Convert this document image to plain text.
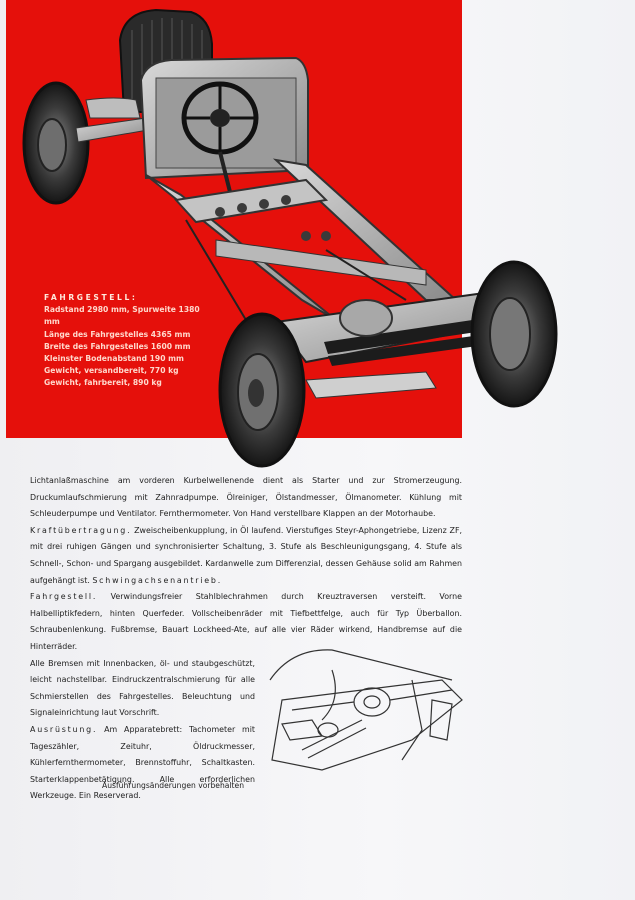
FAHRGESTELL:
Radstand 2980 mm, Spurweite 1380 mm
Länge des Fahrgestelles 4365 mm
Breite des Fahrgestelles 1600 mm
Kleinster Bodenabstand 190 mm
Gewicht, versandbereit, 770 kg
Gewicht, fahrbereit, 890 kg

Lichtanlaßmaschine am vorderen Kurbelwellenende dient als Starter und zur Stromerzeugung. Druckumlaufschmierung mit Zahnradpumpe. Ölreiniger, Ölstandmesser, Ölmanometer. Kühlung mit Schleuderpumpe und Ventilator. Fernthermometer. Von Hand verstellbare Klappen an der Motorhaube.

Kraftübertragung. Zweischeibenkupplung, in Öl laufend. Vierstufiges Steyr-Aphongetriebe, Lizenz ZF, mit drei ruhigen Gängen und synchronisierter Schaltung, 3. Stufe als Beschleunigungsgang, 4. Stufe als Schnell-, Schon- und Spargang ausgebildet. Kardanwelle zum Differenzial, dessen Gehäuse solid am Rahmen aufgehängt ist. Schwingachsenantrieb.

Fahrgestell. Verwindungsfreier Stahlblechrahmen durch Kreuztraversen versteift. Vorne Halbelliptikfedern, hinten Querfeder. Vollscheibenräder mit Tiefbettfelge, auch für Typ Überballon. Schraubenlenkung. Fußbremse, Bauart Lockheed-Ate, auf alle vier Räder wirkend, Handbremse auf die Hinterräder.

Alle Bremsen mit Innenbacken, öl- und staubgeschützt, leicht nachstellbar. Eindruckzentralschmierung für alle Schmierstellen des Fahrgestelles. Beleuchtung und Signaleinrichtung laut Vorschrift.

Ausrüstung. Am Apparatebrett: Tachometer mit Tageszähler, Zeituhr, Öldruckmesser, Kühlerfernthermometer, Brennstoffuhr, Schaltkasten. Starterklappenbetätigung. Alle erforderlichen Werkzeuge. Ein Reserverad.

Ausführungsänderungen vorbehalten
